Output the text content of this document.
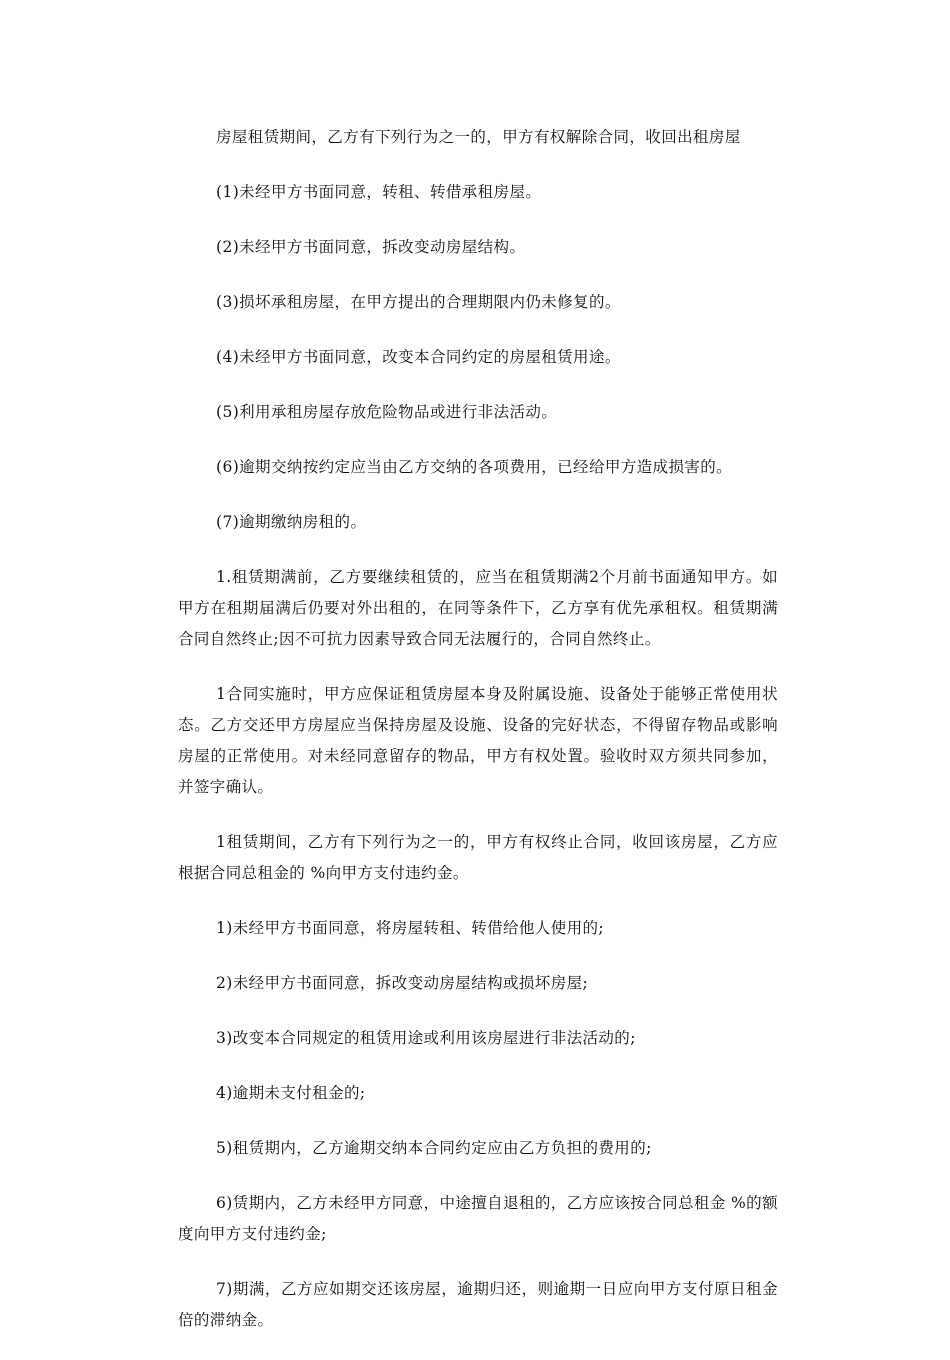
房屋租赁期间，乙方有下列行为之一的，甲方有权解除合同，收回出租房屋

(1)未经甲方书面同意，转租、转借承租房屋。

(2)未经甲方书面同意，拆改变动房屋结构。

(3)损坏承租房屋，在甲方提出的合理期限内仍未修复的。

(4)未经甲方书面同意，改变本合同约定的房屋租赁用途。

(5)利用承租房屋存放危险物品或进行非法活动。

(6)逾期交纳按约定应当由乙方交纳的各项费用，已经给甲方造成损害的。

(7)逾期缴纳房租的。

1.租赁期满前，乙方要继续租赁的，应当在租赁期满2个月前书面通知甲方。如甲方在租期届满后仍要对外出租的，在同等条件下，乙方享有优先承租权。租赁期满合同自然终止;因不可抗力因素导致合同无法履行的，合同自然终止。

1合同实施时，甲方应保证租赁房屋本身及附属设施、设备处于能够正常使用状态。乙方交还甲方房屋应当保持房屋及设施、设备的完好状态，不得留存物品或影响房屋的正常使用。对未经同意留存的物品，甲方有权处置。验收时双方须共同参加，并签字确认。

1租赁期间，乙方有下列行为之一的，甲方有权终止合同，收回该房屋，乙方应根据合同总租金的 %向甲方支付违约金。

1)未经甲方书面同意，将房屋转租、转借给他人使用的;

2)未经甲方书面同意，拆改变动房屋结构或损坏房屋;

3)改变本合同规定的租赁用途或利用该房屋进行非法活动的;

4)逾期未支付租金的;

5)租赁期内，乙方逾期交纳本合同约定应由乙方负担的费用的;

6)赁期内，乙方未经甲方同意，中途擅自退租的，乙方应该按合同总租金 %的额度向甲方支付违约金;

7)期满，乙方应如期交还该房屋，逾期归还，则逾期一日应向甲方支付原日租金 倍的滞纳金。
